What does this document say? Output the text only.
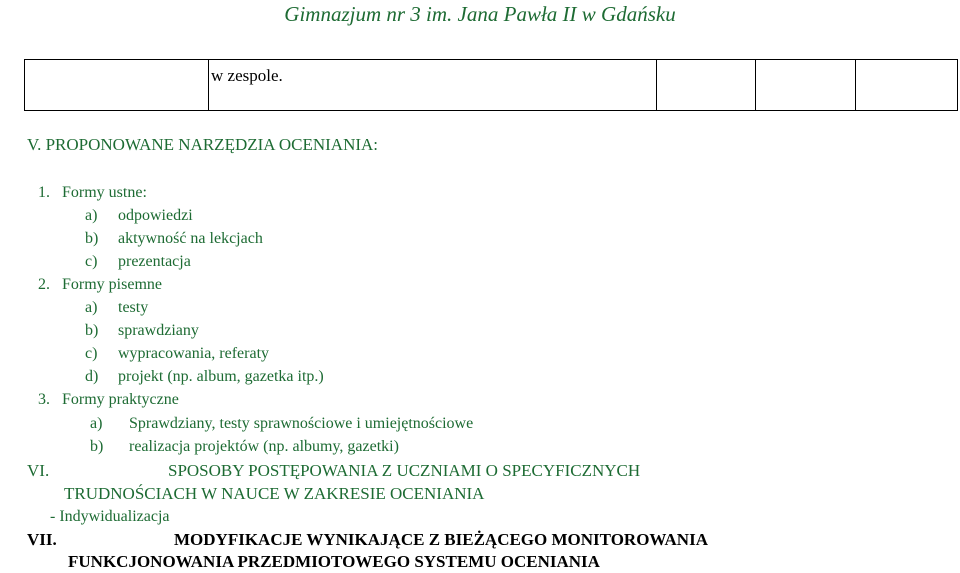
Gimnazjum nr 3 im. Jana Pawła II w Gdańsku

w zespole.

V. PROPONOWANE NARZĘDZIA OCENIANIA:
1. Formy ustne:
a) odpowiedzi
b) aktywność na lekcjach
c) prezentacja
2. Formy pisemne
a) testy
b) sprawdziany
c) wypracowania, referaty
d) projekt (np. album, gazetka itp.)
3. Formy praktyczne
a) Sprawdziany, testy sprawnościowe i umiejętnościowe
b) realizacja projektów (np. albumy, gazetki)
VI.	SPOSOBY POSTĘPOWANIA Z UCZNIAMI O SPECYFICZNYCH
TRUDNOŚCIACH W NAUCE W ZAKRESIE OCENIANIA
- Indywidualizacja
VII.	MODYFIKACJE WYNIKAJĄCE Z BIEŻĄCEGO MONITOROWANIA
FUNKCJONOWANIA PRZEDMIOTOWEGO SYSTEMU OCENIANIA
